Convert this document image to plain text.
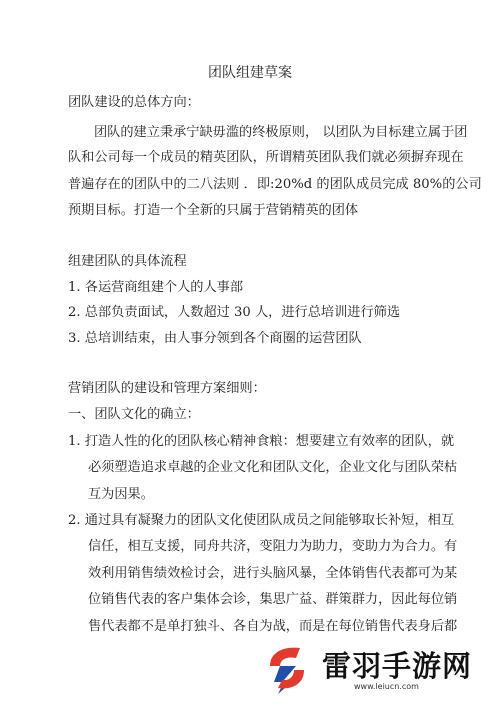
团队组建草案
团队建设的总体方向：
团队的建立秉承宁缺毋滥的终极原则， 以团队为目标建立属于团
队和公司每一个成员的精英团队，所谓精英团队我们就必须摒弃现在
普遍存在的团队中的二八法则 ．即:20%d 的团队成员完成 80%的公司
预期目标。打造一个全新的只属于营销精英的团体
组建团队的具体流程
1. 各运营商组建个人的人事部
2. 总部负责面试，人数超过 30 人，进行总培训进行筛选
3. 总培训结束，由人事分领到各个商圈的运营团队
营销团队的建设和管理方案细则：
一、团队文化的确立：
1. 打造人性的化的团队核心精神食粮：想要建立有效率的团队，就
必须塑造追求卓越的企业文化和团队文化，企业文化与团队荣枯
互为因果。
2. 通过具有凝聚力的团队文化使团队成员之间能够取长补短，相互
信任，相互支援，同舟共济，变阻力为助力，变助力为合力。有
效利用销售绩效检讨会，进行头脑风暴，全体销售代表都可为某
位销售代表的客户集体会诊，集思广益、群策群力，因此每位销
售代表都不是单打独斗、各自为战，而是在每位销售代表身后都
雷羽手游网
www.leiucn.com
